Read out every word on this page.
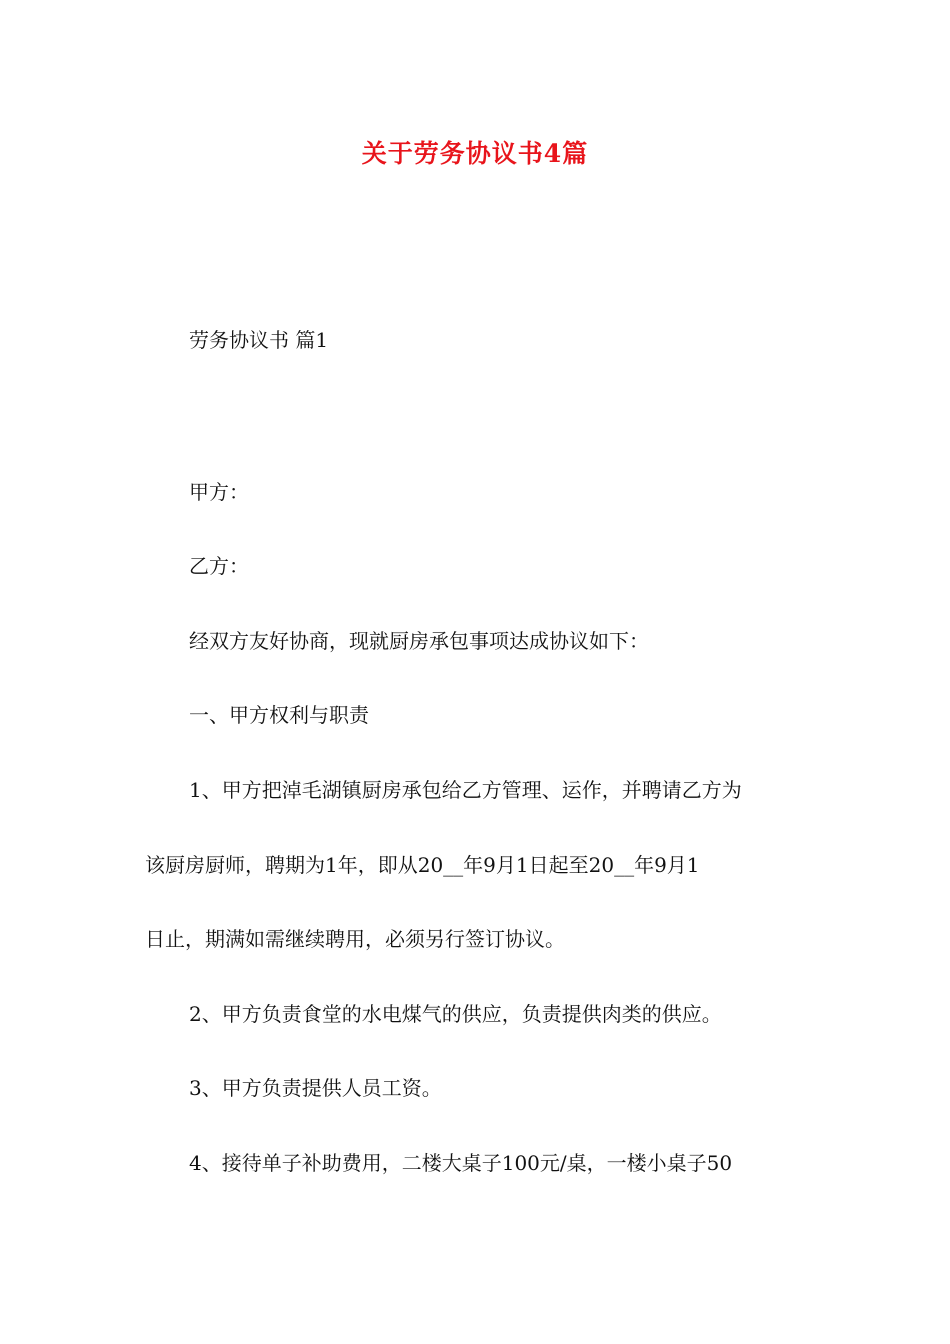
关于劳务协议书4篇

劳务协议书 篇1

甲方：

乙方：

经双方友好协商，现就厨房承包事项达成协议如下：

一、甲方权利与职责

1、甲方把淖毛湖镇厨房承包给乙方管理、运作，并聘请乙方为

该厨房厨师，聘期为1年，即从20__年9月1日起至20__年9月1

日止，期满如需继续聘用，必须另行签订协议。

2、甲方负责食堂的水电煤气的供应，负责提供肉类的供应。

3、甲方负责提供人员工资。

4、接待单子补助费用，二楼大桌子100元/桌，一楼小桌子50
